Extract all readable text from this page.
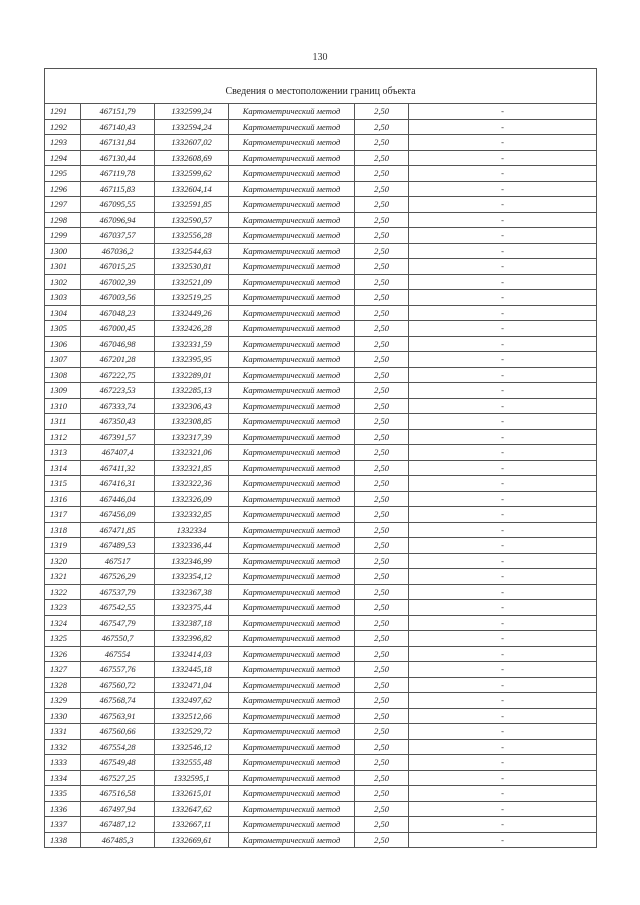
130

Сведения о местоположении границ объекта					
1291	467151,79	1332599,24	Картометрический метод	2,50	-
1292	467140,43	1332594,24	Картометрический метод	2,50	-
1293	467131,84	1332607,02	Картометрический метод	2,50	-
1294	467130,44	1332608,69	Картометрический метод	2,50	-
1295	467119,78	1332599,62	Картометрический метод	2,50	-
1296	467115,83	1332604,14	Картометрический метод	2,50	-
1297	467095,55	1332591,85	Картометрический метод	2,50	-
1298	467096,94	1332590,57	Картометрический метод	2,50	-
1299	467037,57	1332556,28	Картометрический метод	2,50	-
1300	467036,2	1332544,63	Картометрический метод	2,50	-
1301	467015,25	1332530,81	Картометрический метод	2,50	-
1302	467002,39	1332521,09	Картометрический метод	2,50	-
1303	467003,56	1332519,25	Картометрический метод	2,50	-
1304	467048,23	1332449,26	Картометрический метод	2,50	-
1305	467000,45	1332426,28	Картометрический метод	2,50	-
1306	467046,98	1332331,59	Картометрический метод	2,50	-
1307	467201,28	1332395,95	Картометрический метод	2,50	-
1308	467222,75	1332289,01	Картометрический метод	2,50	-
1309	467223,53	1332285,13	Картометрический метод	2,50	-
1310	467333,74	1332306,43	Картометрический метод	2,50	-
1311	467350,43	1332308,85	Картометрический метод	2,50	-
1312	467391,57	1332317,39	Картометрический метод	2,50	-
1313	467407,4	1332321,06	Картометрический метод	2,50	-
1314	467411,32	1332321,85	Картометрический метод	2,50	-
1315	467416,31	1332322,36	Картометрический метод	2,50	-
1316	467446,04	1332326,09	Картометрический метод	2,50	-
1317	467456,09	1332332,85	Картометрический метод	2,50	-
1318	467471,85	1332334	Картометрический метод	2,50	-
1319	467489,53	1332336,44	Картометрический метод	2,50	-
1320	467517	1332346,99	Картометрический метод	2,50	-
1321	467526,29	1332354,12	Картометрический метод	2,50	-
1322	467537,79	1332367,38	Картометрический метод	2,50	-
1323	467542,55	1332375,44	Картометрический метод	2,50	-
1324	467547,79	1332387,18	Картометрический метод	2,50	-
1325	467550,7	1332396,82	Картометрический метод	2,50	-
1326	467554	1332414,03	Картометрический метод	2,50	-
1327	467557,76	1332445,18	Картометрический метод	2,50	-
1328	467560,72	1332471,04	Картометрический метод	2,50	-
1329	467568,74	1332497,62	Картометрический метод	2,50	-
1330	467563,91	1332512,66	Картометрический метод	2,50	-
1331	467560,66	1332529,72	Картометрический метод	2,50	-
1332	467554,28	1332546,12	Картометрический метод	2,50	-
1333	467549,48	1332555,48	Картометрический метод	2,50	-
1334	467527,25	1332595,1	Картометрический метод	2,50	-
1335	467516,58	1332615,01	Картометрический метод	2,50	-
1336	467497,94	1332647,62	Картометрический метод	2,50	-
1337	467487,12	1332667,11	Картометрический метод	2,50	-
1338	467485,3	1332669,61	Картометрический метод	2,50	-
